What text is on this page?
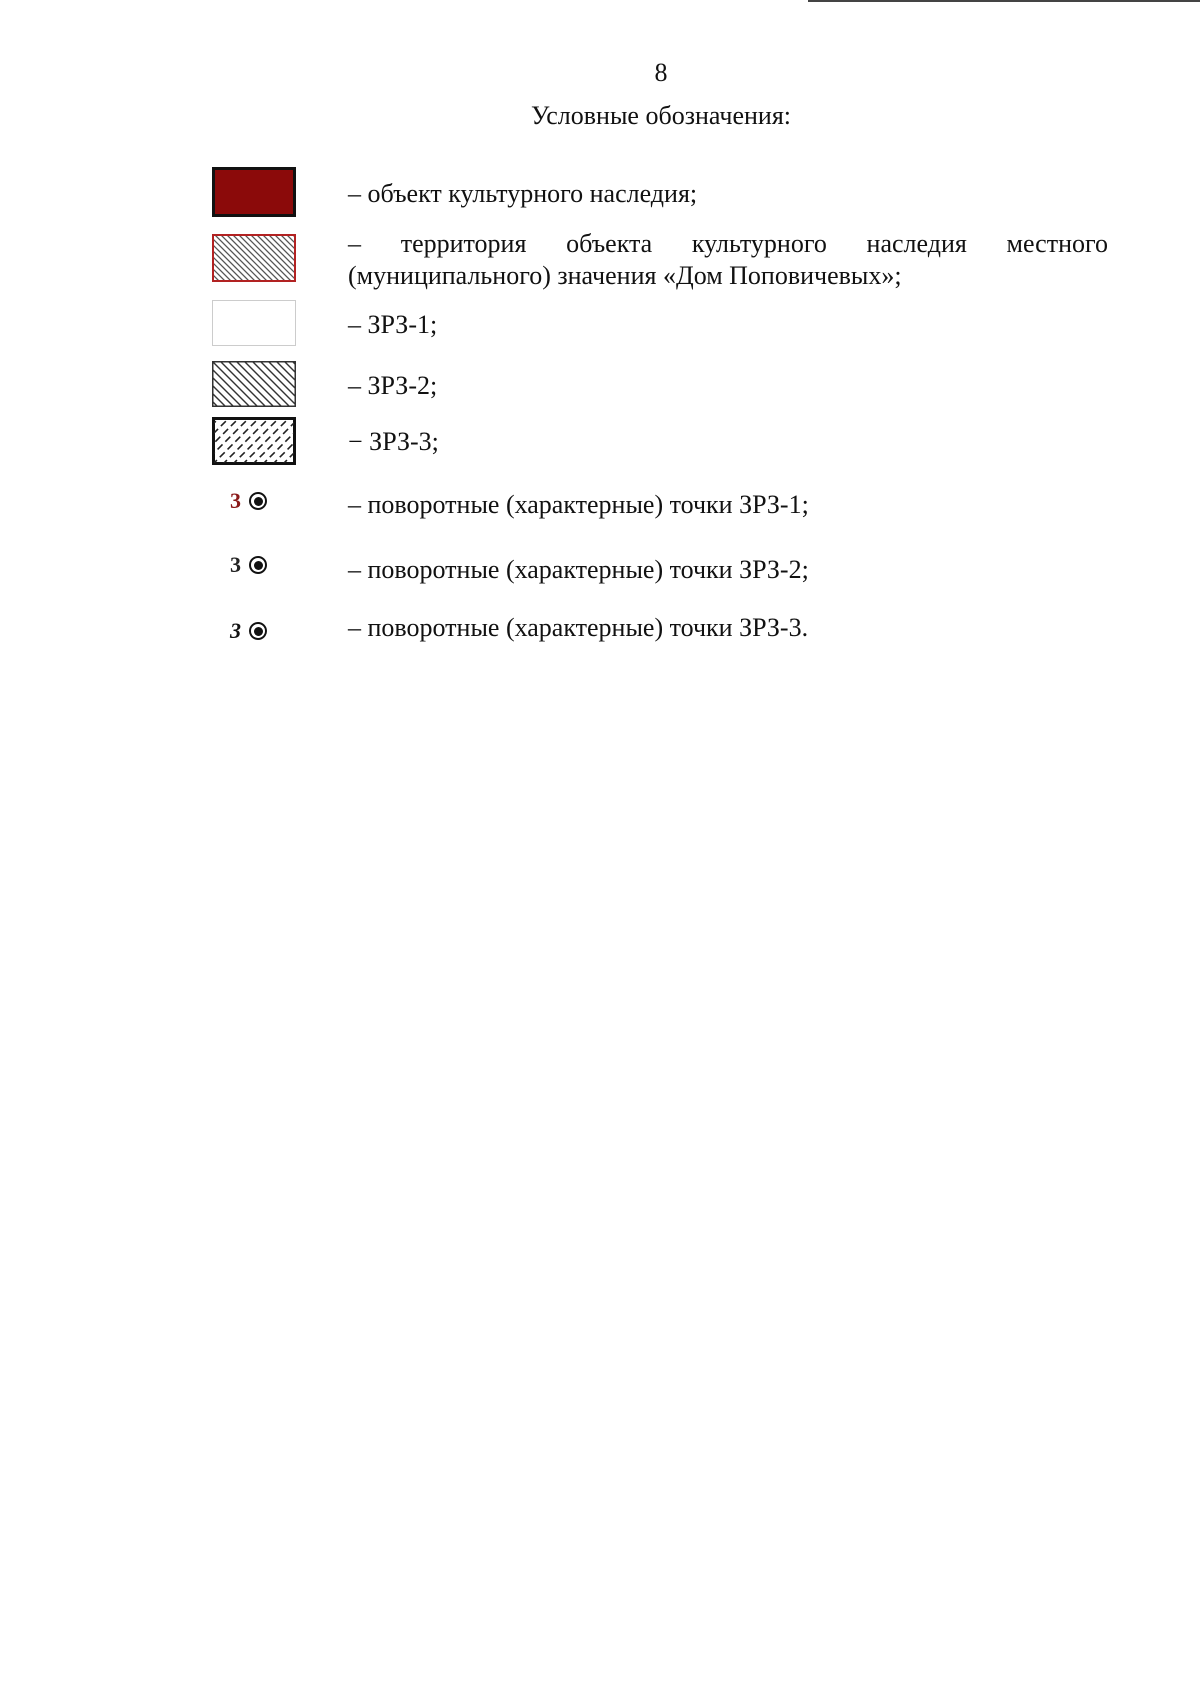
8
Условные обозначения:
– объект культурного наследия;
– территория объекта культурного наследия местного
(муниципального) значения «Дом Поповичевых»;
– ЗРЗ-1;
– ЗРЗ-2;
− ЗРЗ-3;
3	– поворотные (характерные) точки ЗРЗ-1;
3	– поворотные (характерные) точки ЗРЗ-2;
3	– поворотные (характерные) точки ЗРЗ-3.
